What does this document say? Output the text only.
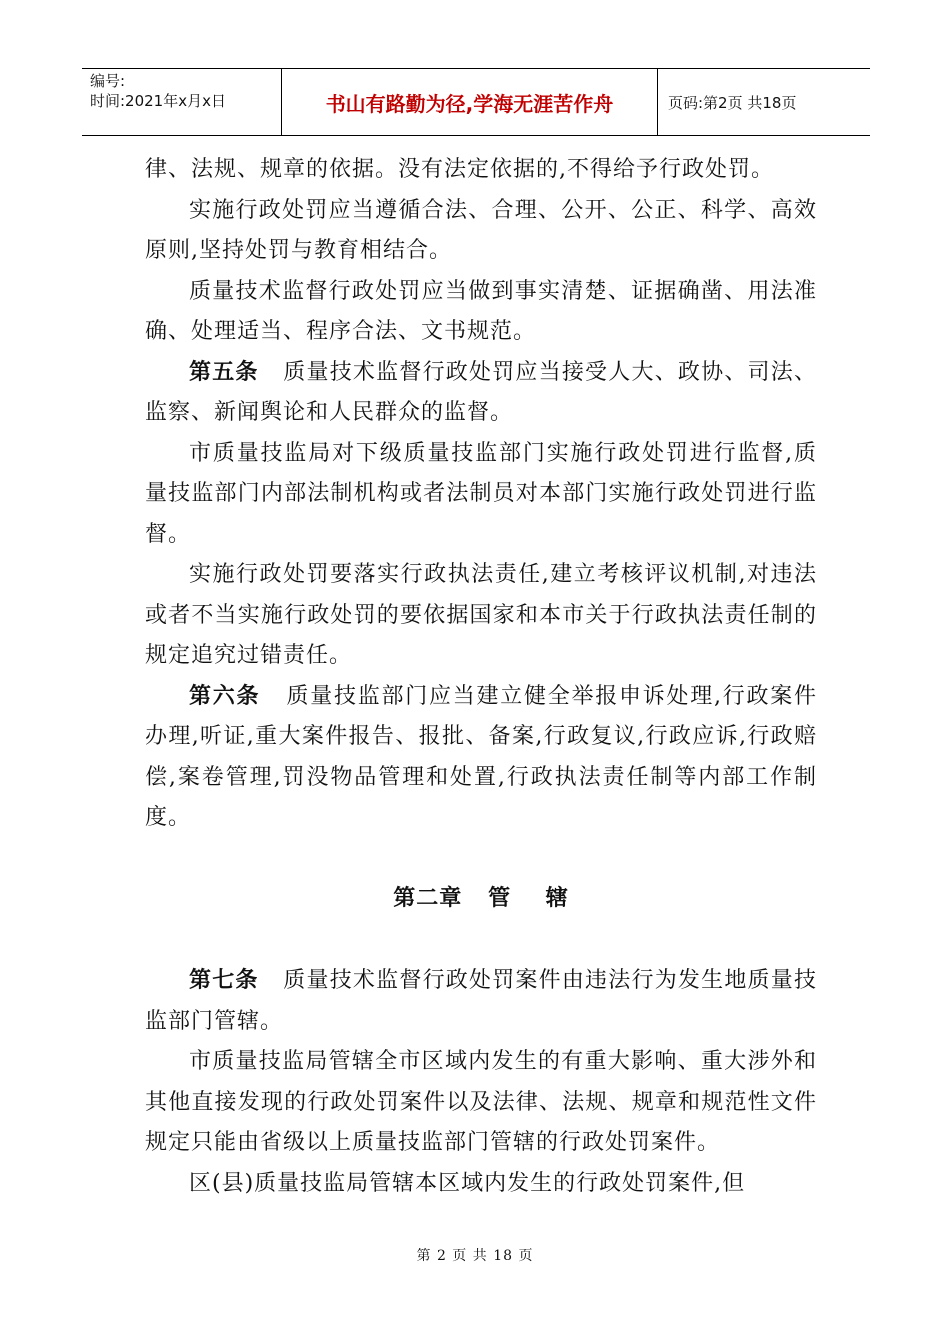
编号:
时间:2021年x月x日	书山有路勤为径,学海无涯苦作舟	页码:第2页 共18页

律、法规、规章的依据。没有法定依据的,不得给予行政处罚。

实施行政处罚应当遵循合法、合理、公开、公正、科学、高效原则,坚持处罚与教育相结合。

质量技术监督行政处罚应当做到事实清楚、证据确凿、用法准确、处理适当、程序合法、文书规范。

第五条 质量技术监督行政处罚应当接受人大、政协、司法、监察、新闻舆论和人民群众的监督。

市质量技监局对下级质量技监部门实施行政处罚进行监督,质量技监部门内部法制机构或者法制员对本部门实施行政处罚进行监督。

实施行政处罚要落实行政执法责任,建立考核评议机制,对违法或者不当实施行政处罚的要依据国家和本市关于行政执法责任制的规定追究过错责任。

第六条 质量技监部门应当建立健全举报申诉处理,行政案件办理,听证,重大案件报告、报批、备案,行政复议,行政应诉,行政赔偿,案卷管理,罚没物品管理和处置,行政执法责任制等内部工作制度。

第二章   管    辖

第七条 质量技术监督行政处罚案件由违法行为发生地质量技监部门管辖。

市质量技监局管辖全市区域内发生的有重大影响、重大涉外和其他直接发现的行政处罚案件以及法律、法规、规章和规范性文件规定只能由省级以上质量技监部门管辖的行政处罚案件。

区(县)质量技监局管辖本区域内发生的行政处罚案件,但

第 2 页 共 18 页
